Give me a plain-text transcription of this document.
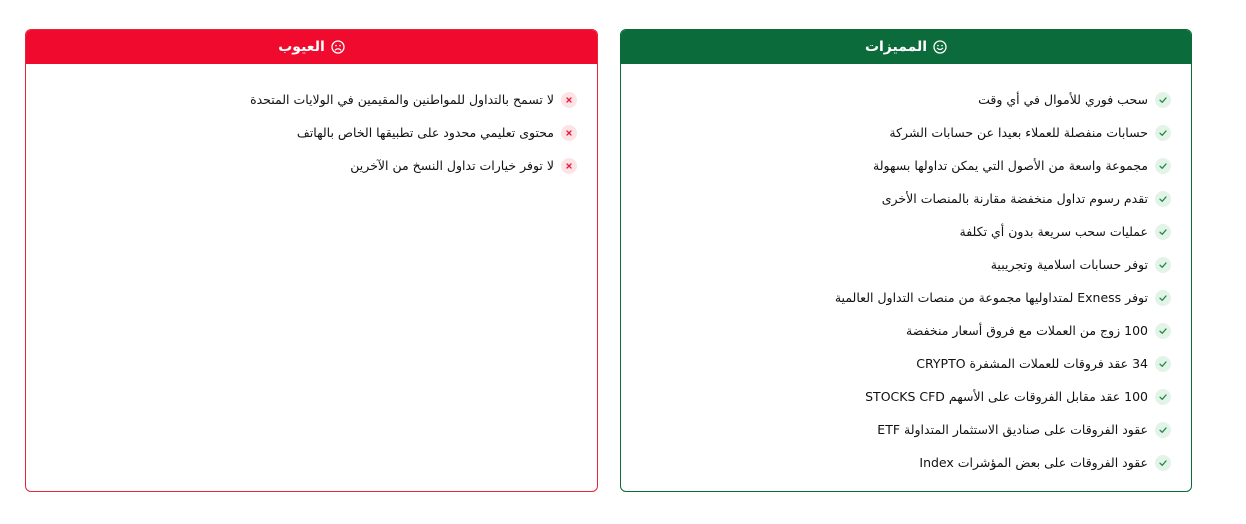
المميزات
سحب فوري للأموال في أي وقت
حسابات منفصلة للعملاء بعيدا عن حسابات الشركة
مجموعة واسعة من الأصول التي يمكن تداولها بسهولة
تقدم رسوم تداول منخفضة مقارنة بالمنصات الأخرى
عمليات سحب سريعة بدون أي تكلفة
توفر حسابات اسلامية وتجريبية
توفر Exness لمتداوليها مجموعة من منصات التداول العالمية
100 زوج من العملات مع فروق أسعار منخفضة
34 عقد فروقات للعملات المشفرة CRYPTO
100 عقد مقابل الفروقات على الأسهم STOCKS CFD
عقود الفروقات على صناديق الاستثمار المتداولة ETF
عقود الفروقات على بعض المؤشرات Index
العيوب
لا تسمح بالتداول للمواطنين والمقيمين في الولايات المتحدة
محتوى تعليمي محدود على تطبيقها الخاص بالهاتف
لا توفر خيارات تداول النسخ من الآخرين
